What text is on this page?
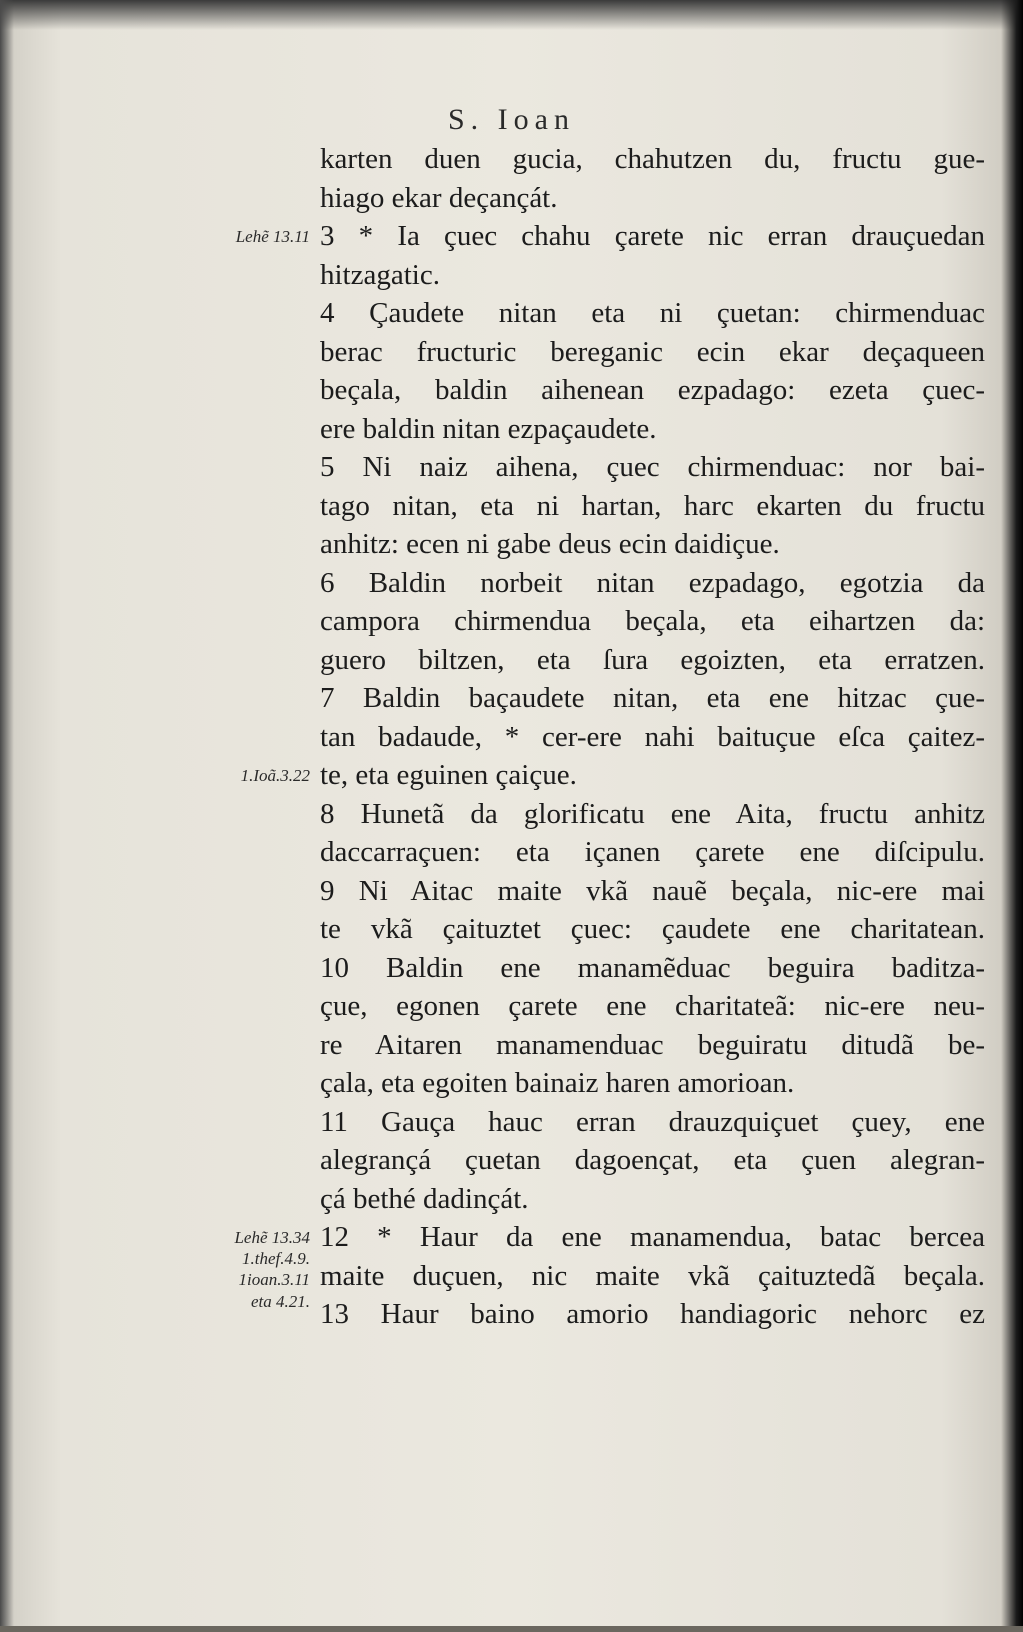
S. Ioan
karten duen gucia, chahutzen du, fructu gue-
hiago ekar deçançát.
3 * Ia çuec chahu çarete nic erran drauçuedan
hitzagatic.
4 Çaudete nitan eta ni çuetan: chirmenduac
berac fructuric bereganic ecin ekar deçaqueen
beçala, baldin aihenean ezpadago: ezeta çuec-
ere baldin nitan ezpaçaudete.
5 Ni naiz aihena, çuec chirmenduac: nor bai-
tago nitan, eta ni hartan, harc ekarten du fructu
anhitz: ecen ni gabe deus ecin daidiçue.
6 Baldin norbeit nitan ezpadago, egotzia da
campora chirmendua beçala, eta eihartzen da:
guero biltzen, eta ſura egoizten, eta erratzen.
7 Baldin baçaudete nitan, eta ene hitzac çue-
tan badaude, * cer-ere nahi baituçue eſca çaitez-
te, eta eguinen çaiçue.
8 Hunetã da glorificatu ene Aita, fructu anhitz
daccarraçuen: eta içanen çarete ene diſcipulu.
9 Ni Aitac maite vkã nauẽ beçala, nic-ere mai
te vkã çaituztet çuec: çaudete ene charitatean.
10 Baldin ene manamẽduac beguira baditza-
çue, egonen çarete ene charitateã: nic-ere neu-
re Aitaren manamenduac beguiratu ditudã be-
çala, eta egoiten bainaiz haren amorioan.
11 Gauça hauc erran drauzquiçuet çuey, ene
alegrançá çuetan dagoençat, eta çuen alegran-
çá bethé dadinçát.
12 * Haur da ene manamendua, batac bercea
maite duçuen, nic maite vkã çaituztedã beçala.
13 Haur baino amorio handiagoric nehorc ez
Lehẽ 13.11
1.Ioã.3.22
Lehẽ 13.34
1.thef.4.9.
1ioan.3.11
eta 4.21.
